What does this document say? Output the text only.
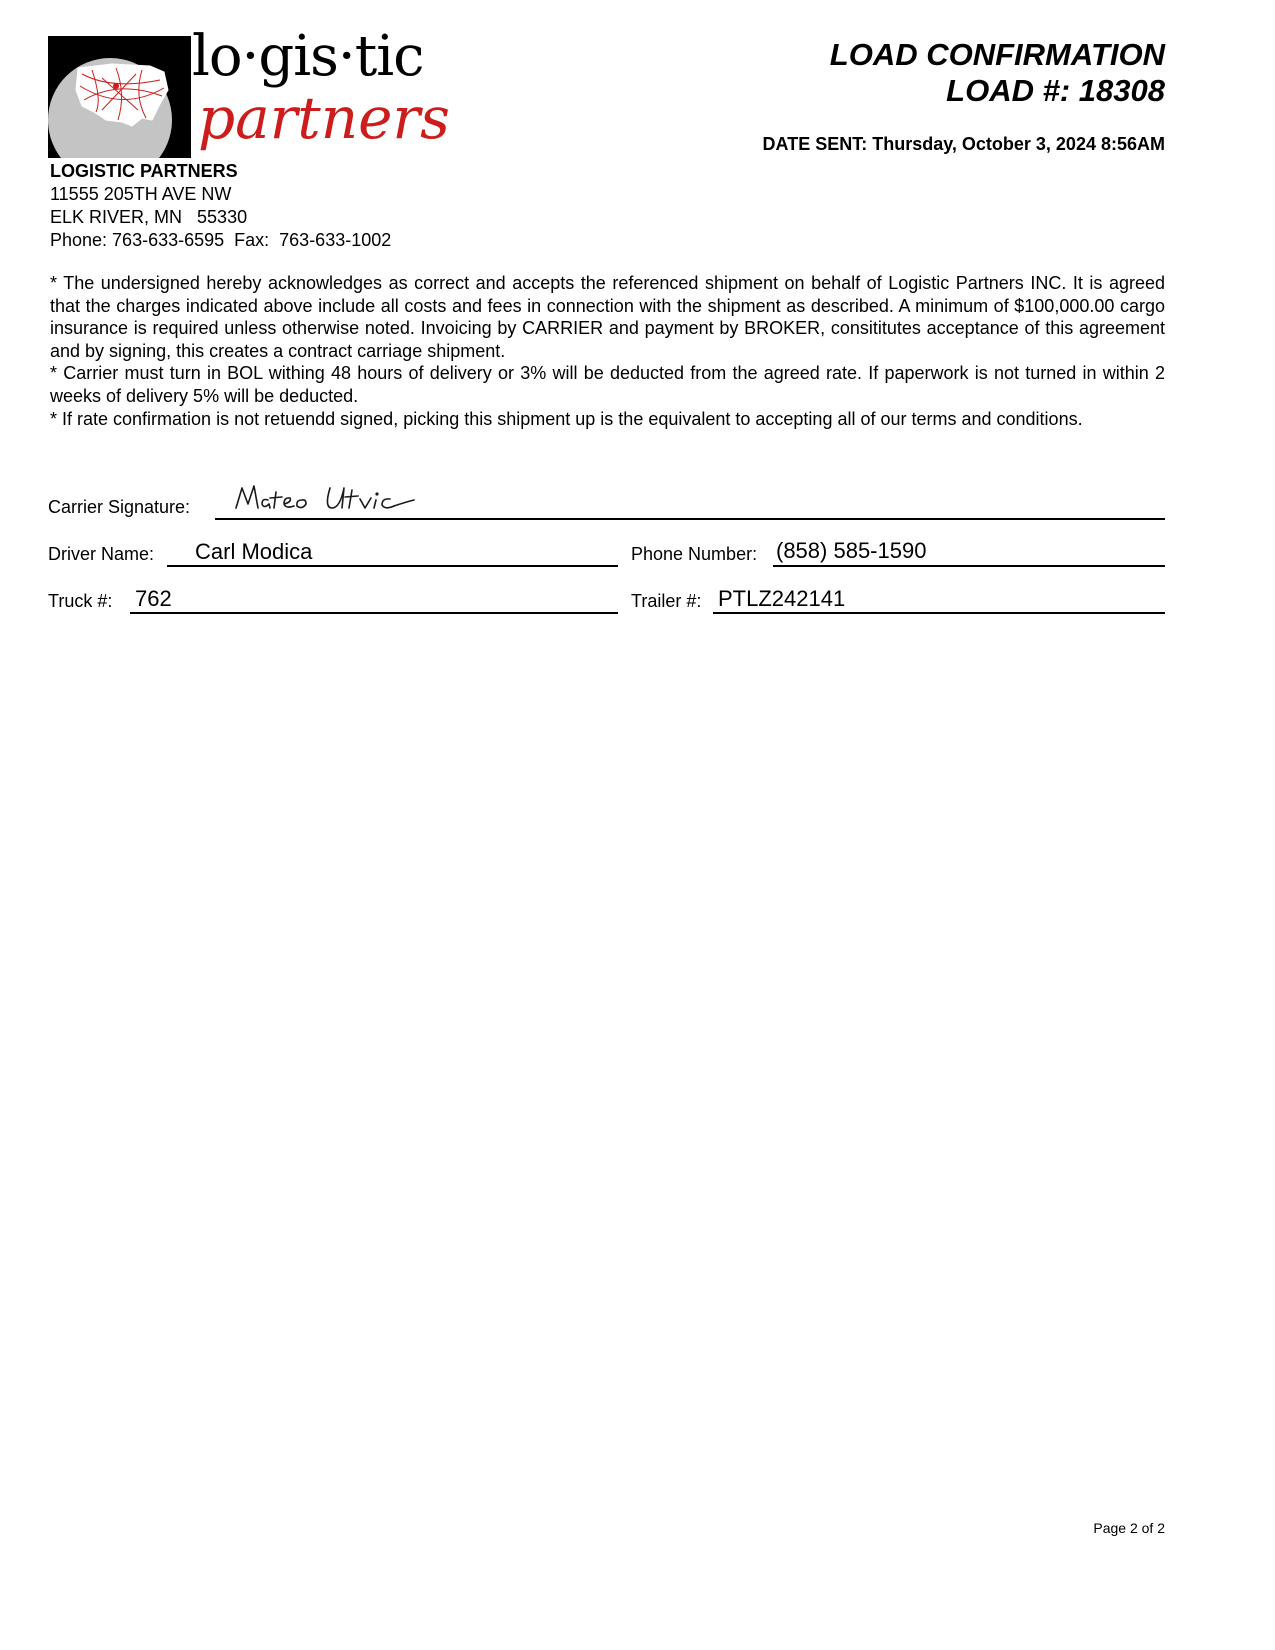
lo·gis·tic
partners
LOAD CONFIRMATION
LOAD #: 18308
DATE SENT: Thursday, October 3, 2024 8:56AM
LOGISTIC PARTNERS
11555 205TH AVE NW
ELK RIVER, MN   55330
Phone: 763-633-6595  Fax:  763-633-1002

* The undersigned hereby acknowledges as correct and accepts the referenced shipment on behalf of Logistic Partners INC. It is agreed that the charges indicated above include all costs and fees in connection with the shipment as described. A minimum of $100,000.00 cargo insurance is required unless otherwise noted. Invoicing by CARRIER and payment by BROKER, consititutes acceptance of this agreement and by signing, this creates a contract carriage shipment.

* Carrier must turn in BOL withing 48 hours of delivery or 3% will be deducted from the agreed rate. If paperwork is not turned in within 2 weeks of delivery 5% will be deducted.

* If rate confirmation is not retuendd signed, picking this shipment up is the equivalent to accepting all of our terms and conditions.

Carrier Signature:
Driver Name: Carl Modica	Phone Number: (858) 585-1590
Truck #: 762	Trailer #: PTLZ242141
Page 2 of 2
